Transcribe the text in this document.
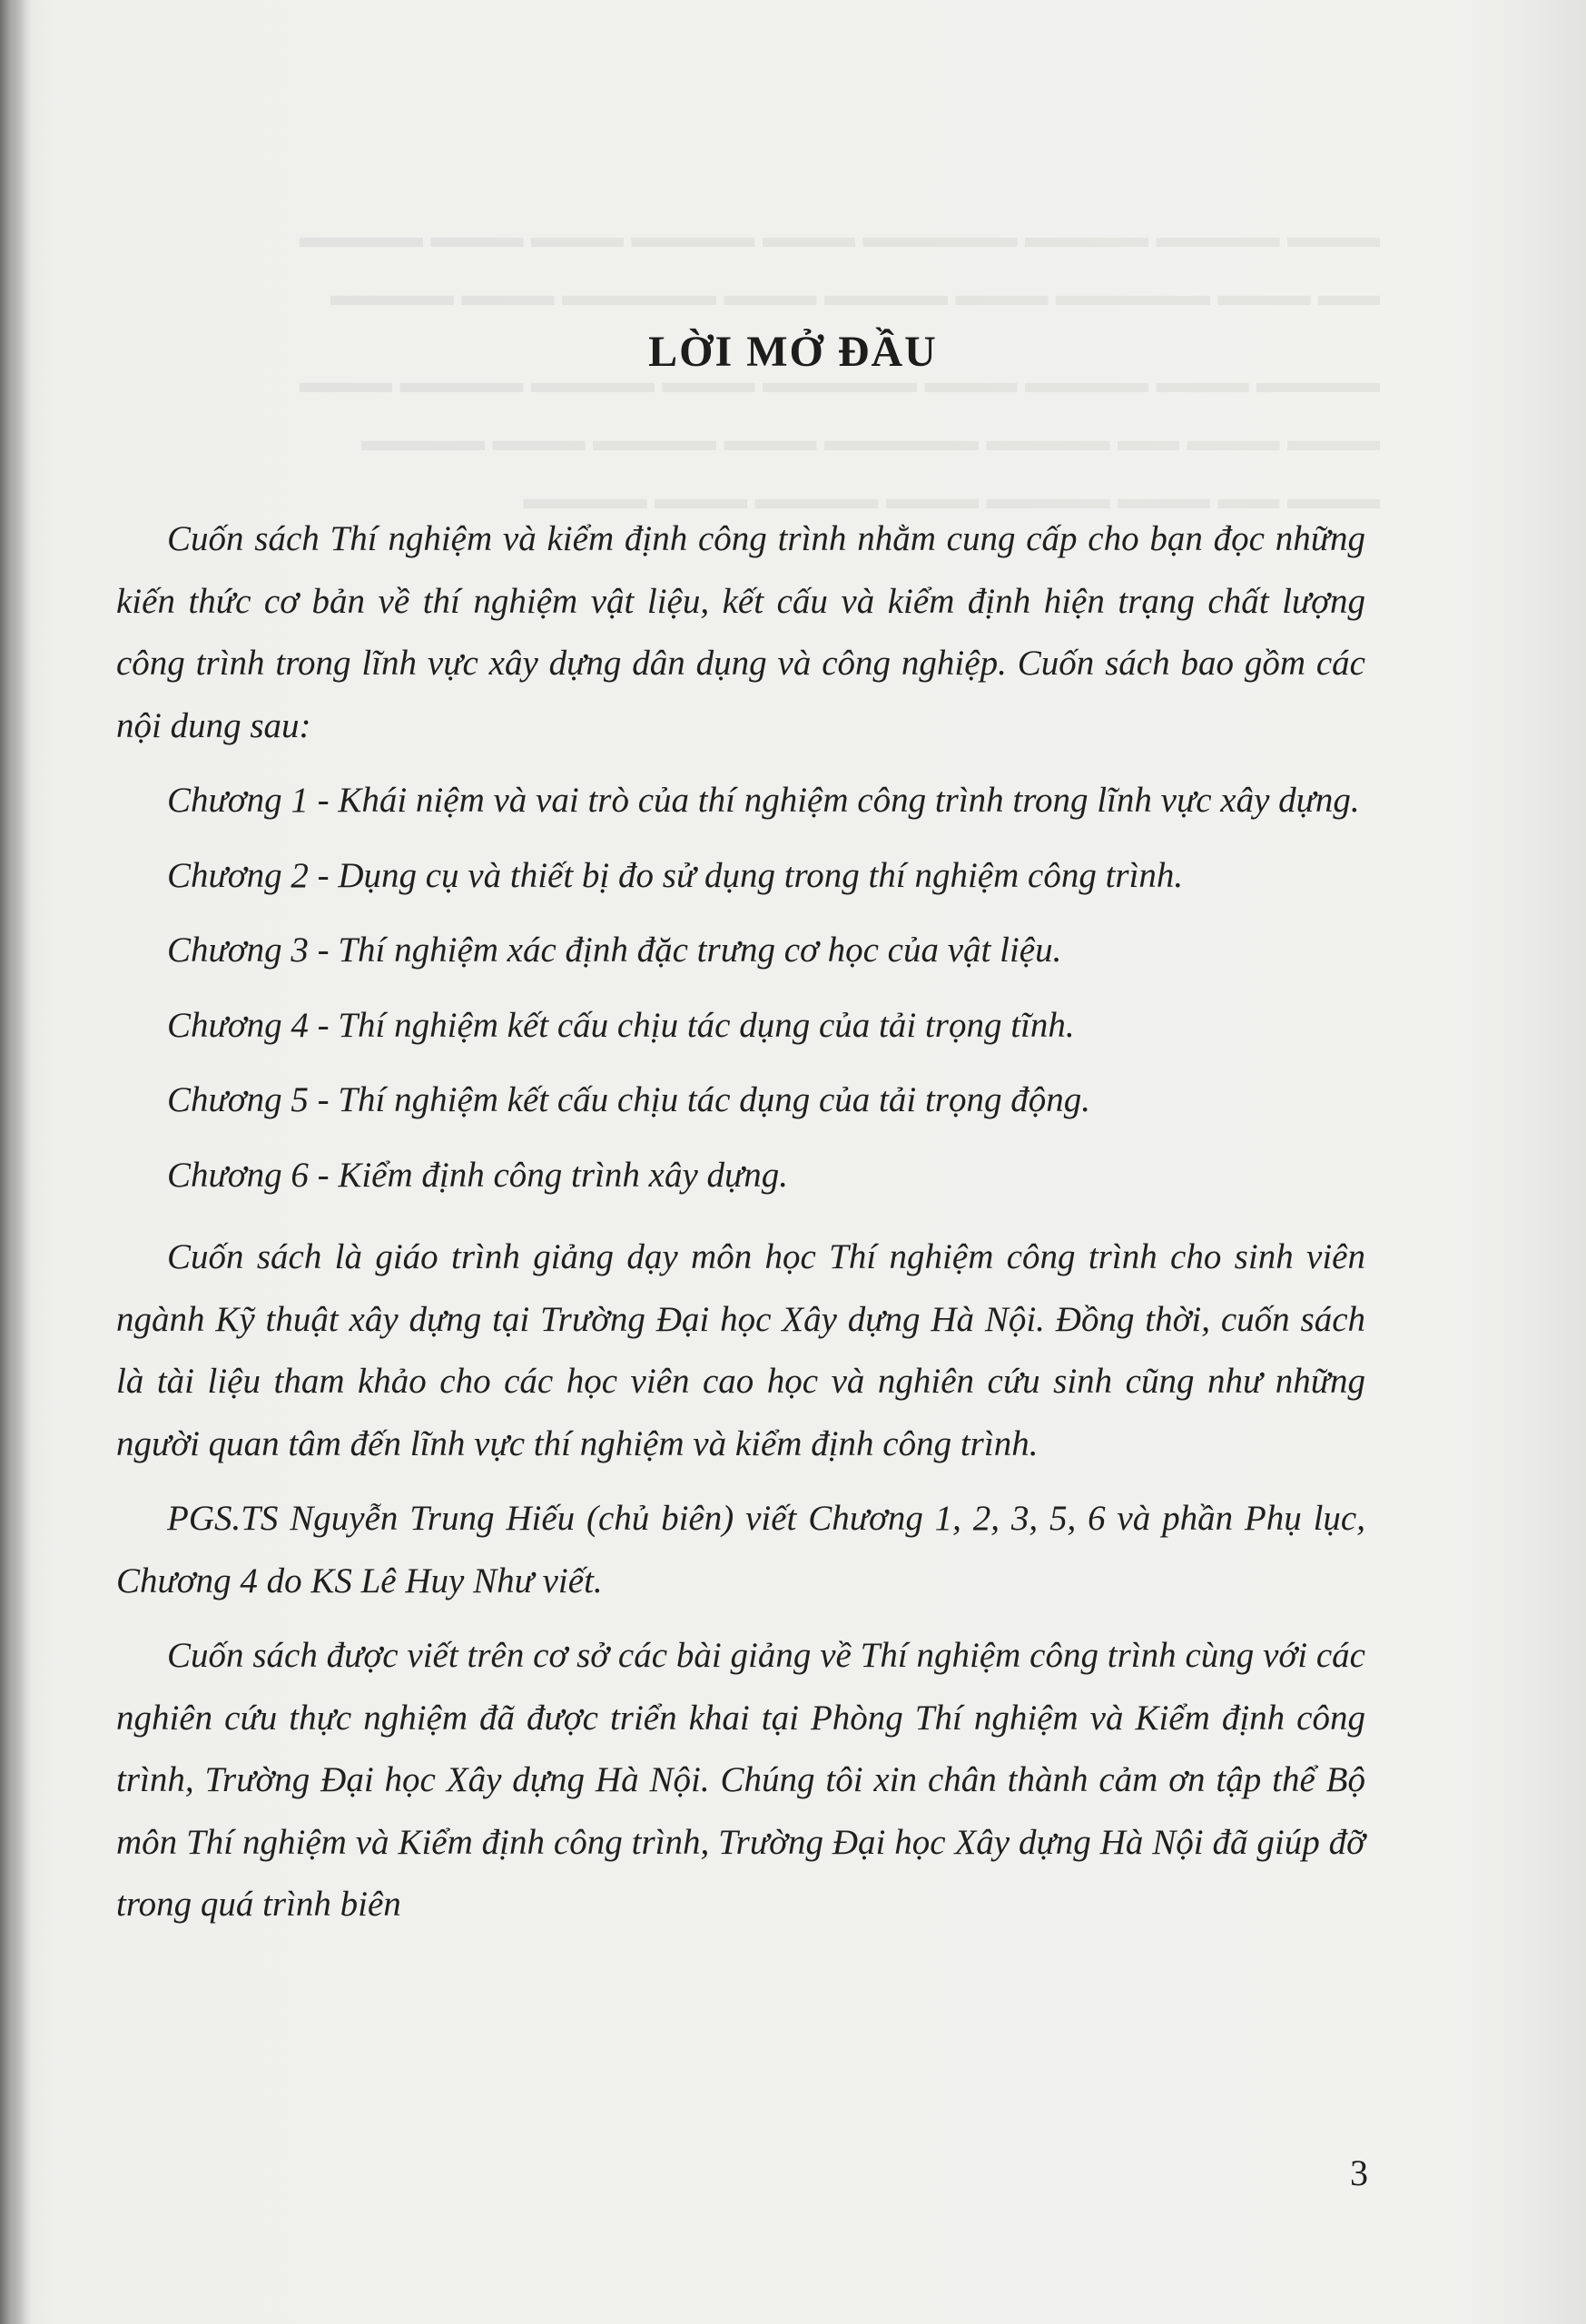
▬▬▬ ▬▬▬▬ ▬▬▬▬ ▬▬▬▬▬ ▬▬▬ ▬▬▬▬ ▬▬▬ ▬▬▬ ▬▬▬▬
▬▬ ▬▬▬ ▬▬▬▬▬ ▬▬▬ ▬▬▬▬ ▬▬▬ ▬▬▬▬▬ ▬▬▬ ▬▬▬▬
▬▬▬▬ ▬▬▬ ▬▬▬▬ ▬▬▬ ▬▬▬▬▬ ▬▬▬ ▬▬▬▬ ▬▬▬▬ ▬▬▬
▬▬▬ ▬▬▬ ▬▬ ▬▬▬▬ ▬▬▬▬▬ ▬▬▬ ▬▬▬▬ ▬▬▬ ▬▬▬▬
▬▬▬ ▬▬ ▬▬▬ ▬▬▬▬ ▬▬▬ ▬▬▬▬ ▬▬▬ ▬▬▬▬
LỜI MỞ ĐẦU

Cuốn sách Thí nghiệm và kiểm định công trình nhằm cung cấp cho bạn đọc những kiến thức cơ bản về thí nghiệm vật liệu, kết cấu và kiểm định hiện trạng chất lượng công trình trong lĩnh vực xây dựng dân dụng và công nghiệp. Cuốn sách bao gồm các nội dung sau:

Chương 1 - Khái niệm và vai trò của thí nghiệm công trình trong lĩnh vực xây dựng.

Chương 2 - Dụng cụ và thiết bị đo sử dụng trong thí nghiệm công trình.

Chương 3 - Thí nghiệm xác định đặc trưng cơ học của vật liệu.

Chương 4 - Thí nghiệm kết cấu chịu tác dụng của tải trọng tĩnh.

Chương 5 - Thí nghiệm kết cấu chịu tác dụng của tải trọng động.

Chương 6 - Kiểm định công trình xây dựng.

Cuốn sách là giáo trình giảng dạy môn học Thí nghiệm công trình cho sinh viên ngành Kỹ thuật xây dựng tại Trường Đại học Xây dựng Hà Nội. Đồng thời, cuốn sách là tài liệu tham khảo cho các học viên cao học và nghiên cứu sinh cũng như những người quan tâm đến lĩnh vực thí nghiệm và kiểm định công trình.

PGS.TS Nguyễn Trung Hiếu (chủ biên) viết Chương 1, 2, 3, 5, 6 và phần Phụ lục, Chương 4 do KS Lê Huy Như viết.

Cuốn sách được viết trên cơ sở các bài giảng về Thí nghiệm công trình cùng với các nghiên cứu thực nghiệm đã được triển khai tại Phòng Thí nghiệm và Kiểm định công trình, Trường Đại học Xây dựng Hà Nội. Chúng tôi xin chân thành cảm ơn tập thể Bộ môn Thí nghiệm và Kiểm định công trình, Trường Đại học Xây dựng Hà Nội đã giúp đỡ trong quá trình biên

3
